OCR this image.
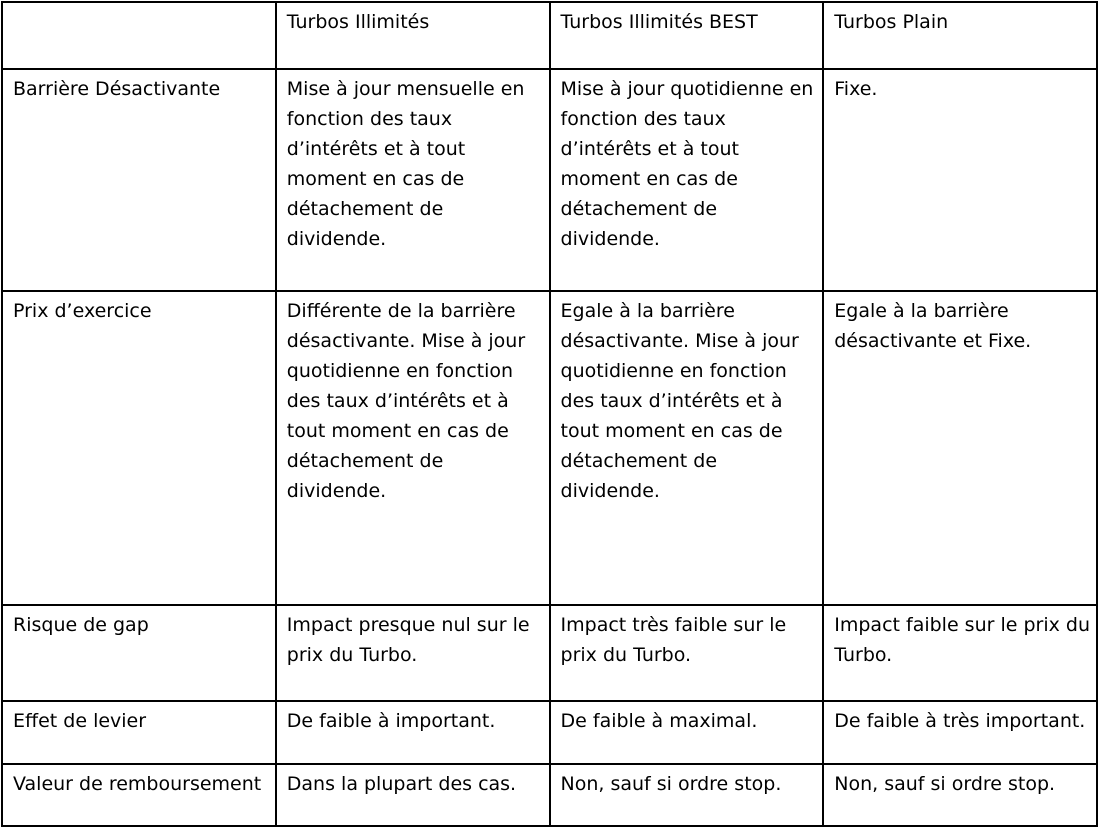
	Turbos Illimités	Turbos Illimités BEST	Turbos Plain
Barrière Désactivante	Mise à jour mensuelle en fonction des taux d’intérêts et à tout moment en cas de détachement de dividende.	Mise à jour quotidienne en fonction des taux d’intérêts et à tout moment en cas de détachement de dividende.	Fixe.
Prix d’exercice	Différente de la barrière désactivante. Mise à jour quotidienne en fonction des taux d’intérêts et à tout moment en cas de détachement de dividende.	Egale à la barrière désactivante. Mise à jour quotidienne en fonction des taux d’intérêts et à tout moment en cas de détachement de dividende.	Egale à la barrière désactivante et Fixe.
Risque de gap	Impact presque nul sur le prix du Turbo.	Impact très faible sur le prix du Turbo.	Impact faible sur le prix du Turbo.
Effet de levier	De faible à important.	De faible à maximal.	De faible à très important.
Valeur de remboursement	Dans la plupart des cas.	Non, sauf si ordre stop.	Non, sauf si ordre stop.
